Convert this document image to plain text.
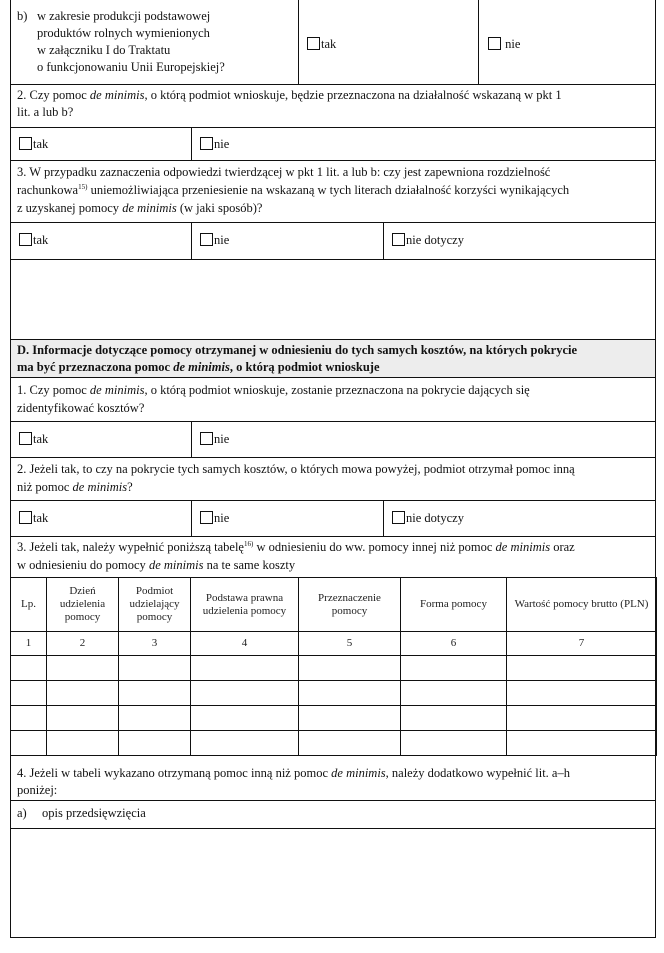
b) w zakresie produkcji podstawowej
produktów rolnych wymienionych
w załączniku I do Traktatu
o funkcjonowaniu Unii Europejskiej?
tak	nie
2. Czy pomoc de minimis, o którą podmiot wnioskuje, będzie przeznaczona na działalność wskazaną w pkt 1
lit. a lub b?
tak	nie
3. W przypadku zaznaczenia odpowiedzi twierdzącej w pkt 1 lit. a lub b: czy jest zapewniona rozdzielność
rachunkowa$^{15)}$ uniemożliwiająca przeniesienie na wskazaną w tych literach działalność korzyści wynikających
z uzyskanej pomocy de minimis (w jaki sposób)?
tak	nie	nie dotyczy
D. Informacje dotyczące pomocy otrzymanej w odniesieniu do tych samych kosztów, na których pokrycie
ma być przeznaczona pomoc de minimis, o którą podmiot wnioskuje
1. Czy pomoc de minimis, o którą podmiot wnioskuje, zostanie przeznaczona na pokrycie dających się
zidentyfikować kosztów?
tak	nie
2. Jeżeli tak, to czy na pokrycie tych samych kosztów, o których mowa powyżej, podmiot otrzymał pomoc inną
niż pomoc de minimis?
tak	nie	nie dotyczy
3. Jeżeli tak, należy wypełnić poniższą tabelę$^{16)}$ w odniesieniu do ww. pomocy innej niż pomoc de minimis oraz
w odniesieniu do pomocy de minimis na te same koszty
Lp.	Dzień udzielenia pomocy	Podmiot udzielający pomocy	Podstawa prawna udzielenia pomocy	Przeznaczenie pomocy	Forma pomocy	Wartość pomocy brutto (PLN)
1	2	3	4	5	6	7

4. Jeżeli w tabeli wykazano otrzymaną pomoc inną niż pomoc de minimis, należy dodatkowo wypełnić lit. a–h
poniżej:
a) opis przedsięwzięcia
